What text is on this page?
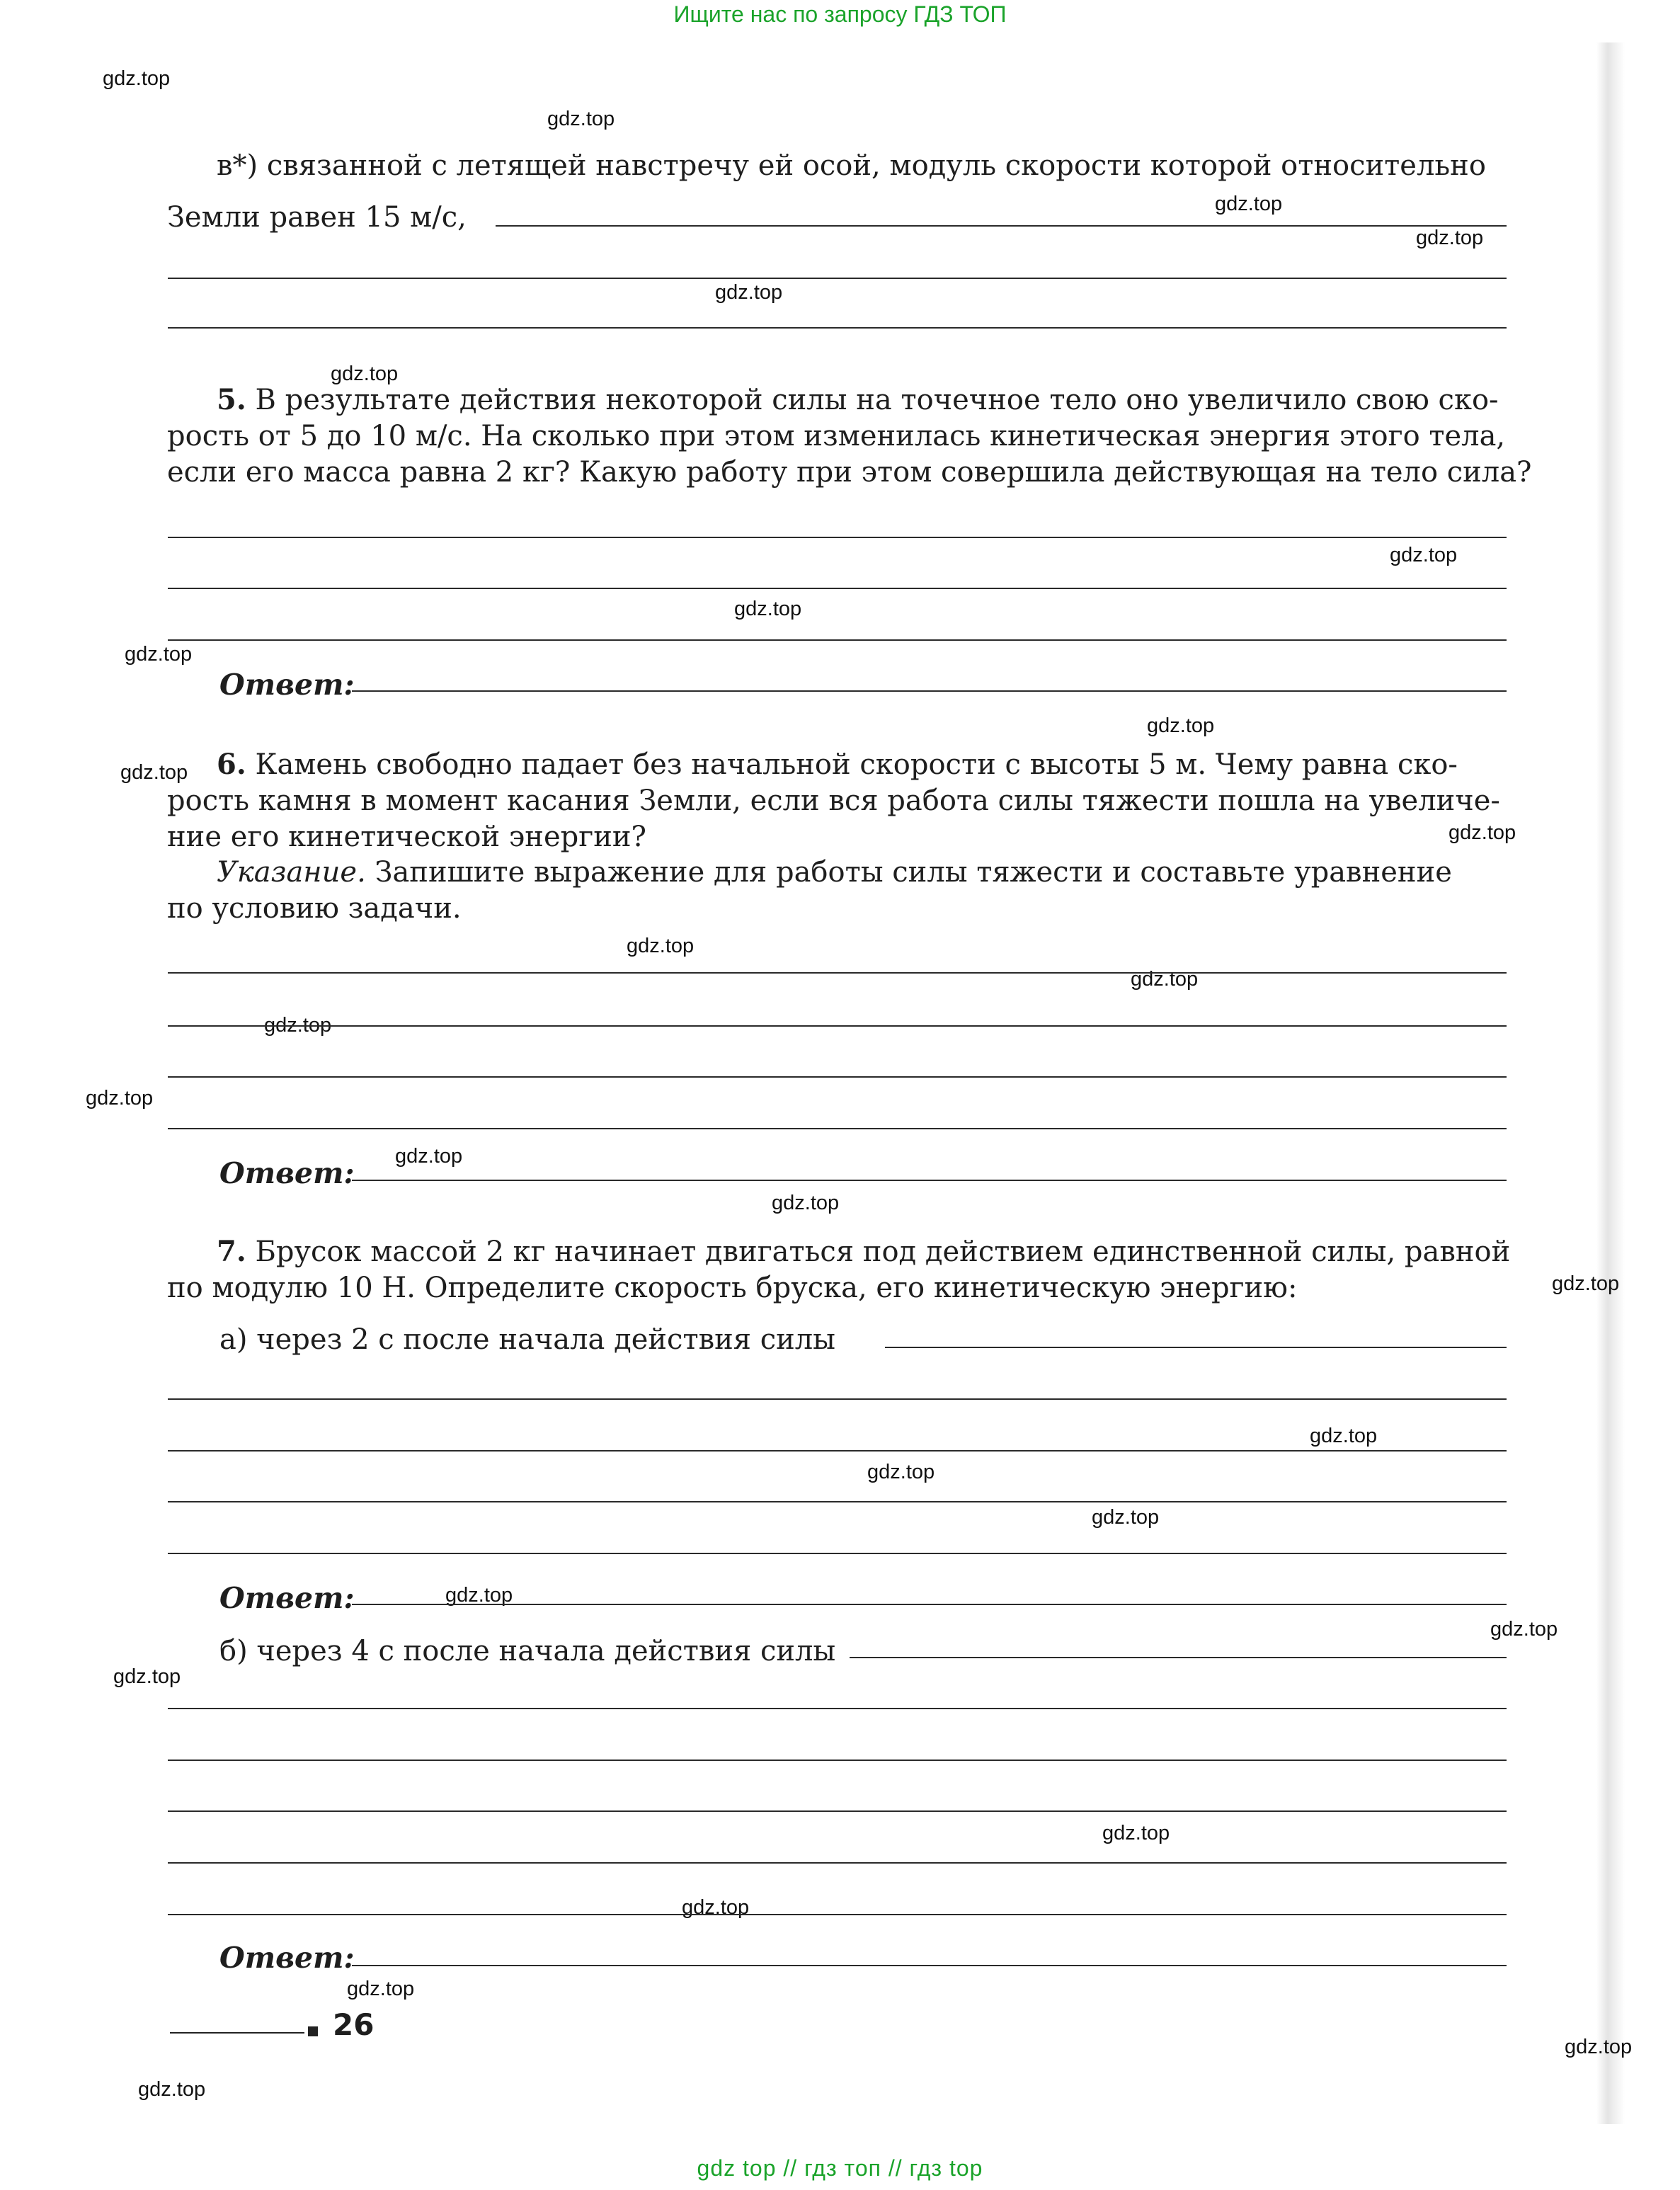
Ищите нас по запросу ГДЗ ТОП
gdz.top
gdz.top
gdz.top
gdz.top
gdz.top
gdz.top
gdz.top
gdz.top
gdz.top
gdz.top
gdz.top
gdz.top
gdz.top
gdz.top
gdz.top
gdz.top
gdz.top
gdz.top
gdz.top
gdz.top
gdz.top
gdz.top
gdz.top
gdz.top
gdz.top
gdz.top
gdz.top
gdz.top
gdz.top
gdz.top
в*) связанной с летящей навстречу ей осой, модуль скорости которой относительно
Земли равен 15 м/с,
5. В результате действия некоторой силы на точечное тело оно увеличило свою ско-
рость от 5 до 10 м/с. На сколько при этом изменилась кинетическая энергия этого тела,
если его масса равна 2 кг? Какую работу при этом совершила действующая на тело сила?
Ответ:
6. Камень свободно падает без начальной скорости с высоты 5 м. Чему равна ско-
рость камня в момент касания Земли, если вся работа силы тяжести пошла на увеличе-
ние его кинетической энергии?
Указание. Запишите выражение для работы силы тяжести и составьте уравнение
по условию задачи.
Ответ:
7. Брусок массой 2 кг начинает двигаться под действием единственной силы, равной
по модулю 10 Н. Определите скорость бруска, его кинетическую энергию:
а) через 2 с после начала действия силы
Ответ:
б) через 4 с после начала действия силы
Ответ:
26
gdz top // гдз топ // гдз top
